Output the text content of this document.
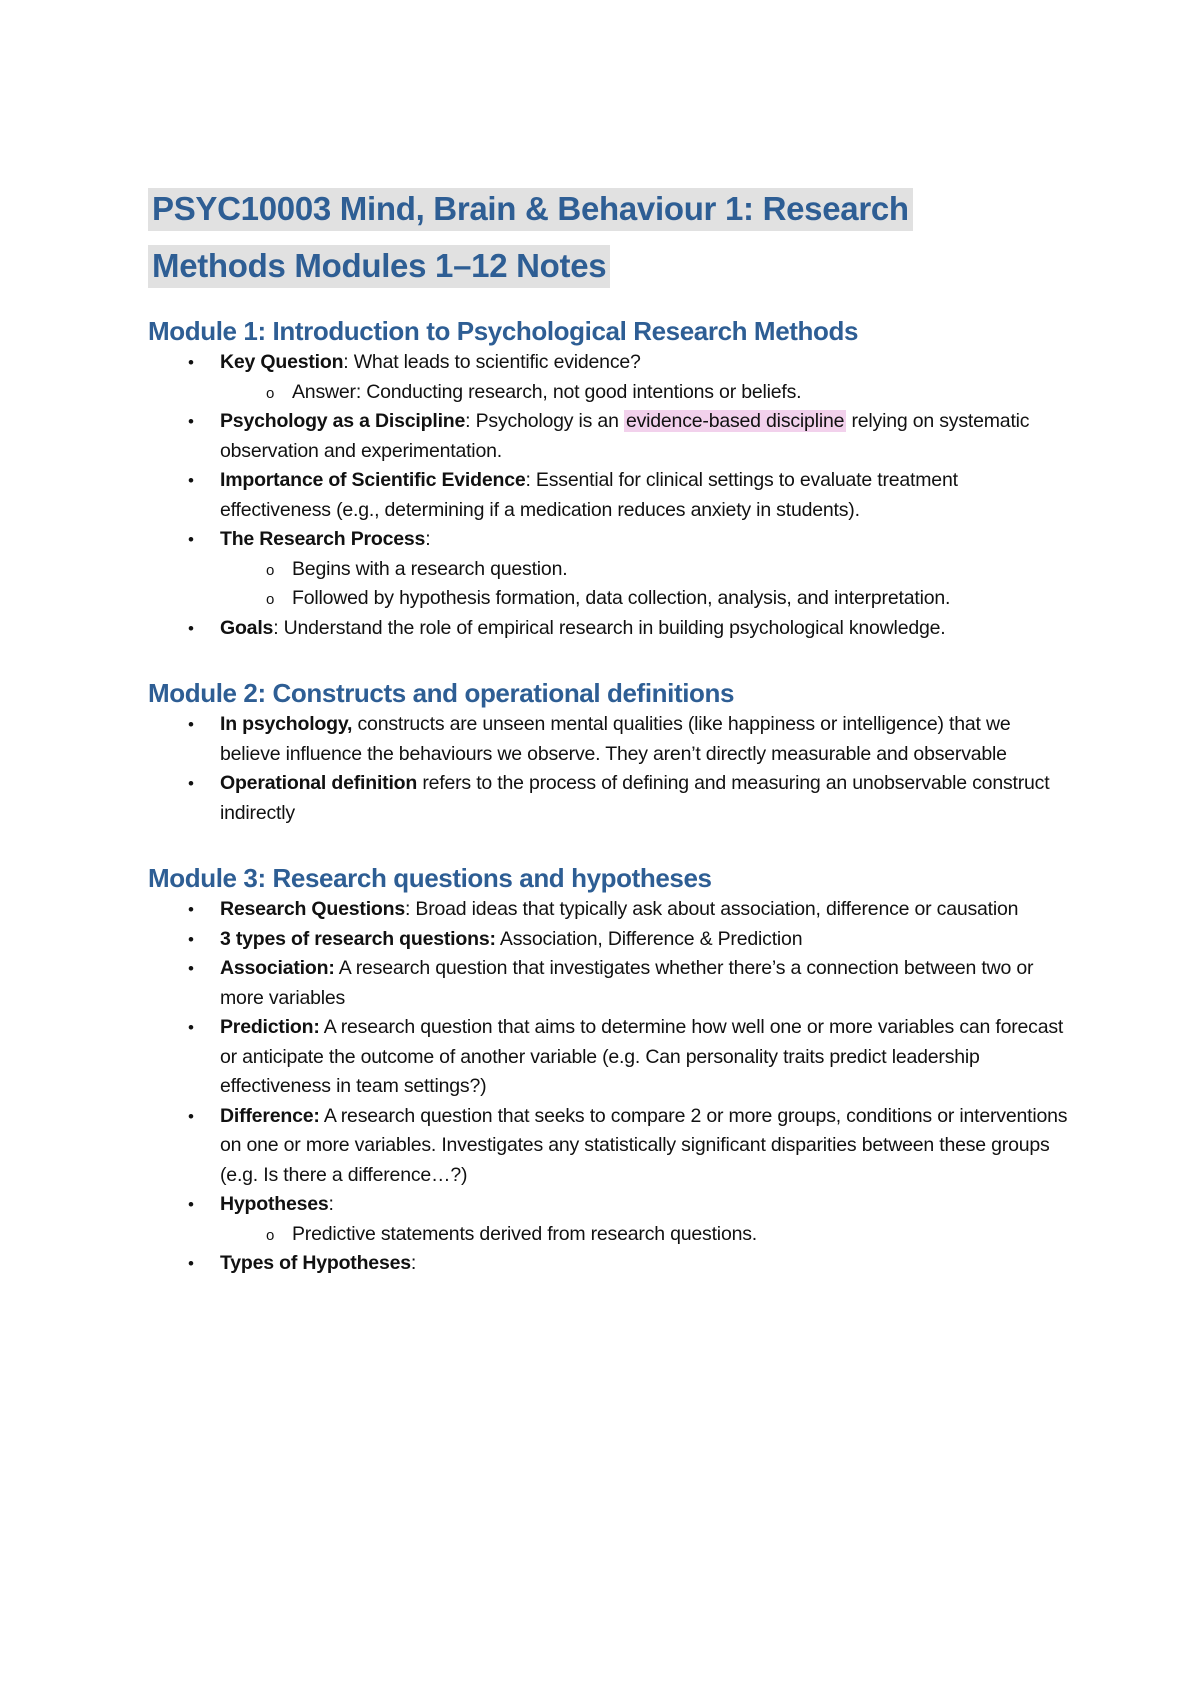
PSYC10003 Mind, Brain & Behaviour 1: Research
Methods Modules 1–12 Notes
Module 1: Introduction to Psychological Research Methods
• Key Question: What leads to scientific evidence?
o Answer: Conducting research, not good intentions or beliefs.
• Psychology as a Discipline: Psychology is an evidence-based discipline relying on systematic observation and experimentation.
• Importance of Scientific Evidence: Essential for clinical settings to evaluate treatment effectiveness (e.g., determining if a medication reduces anxiety in students).
• The Research Process:
o Begins with a research question.
o Followed by hypothesis formation, data collection, analysis, and interpretation.
• Goals: Understand the role of empirical research in building psychological knowledge.
Module 2: Constructs and operational definitions
• In psychology, constructs are unseen mental qualities (like happiness or intelligence) that we believe influence the behaviours we observe. They aren’t directly measurable and observable
• Operational definition refers to the process of defining and measuring an unobservable construct indirectly
Module 3: Research questions and hypotheses
• Research Questions: Broad ideas that typically ask about association, difference or causation
• 3 types of research questions: Association, Difference & Prediction
• Association: A research question that investigates whether there’s a connection between two or more variables
• Prediction: A research question that aims to determine how well one or more variables can forecast or anticipate the outcome of another variable (e.g. Can personality traits predict leadership effectiveness in team settings?)
• Difference: A research question that seeks to compare 2 or more groups, conditions or interventions on one or more variables. Investigates any statistically significant disparities between these groups (e.g. Is there a difference…?)
• Hypotheses:
o Predictive statements derived from research questions.
• Types of Hypotheses:
